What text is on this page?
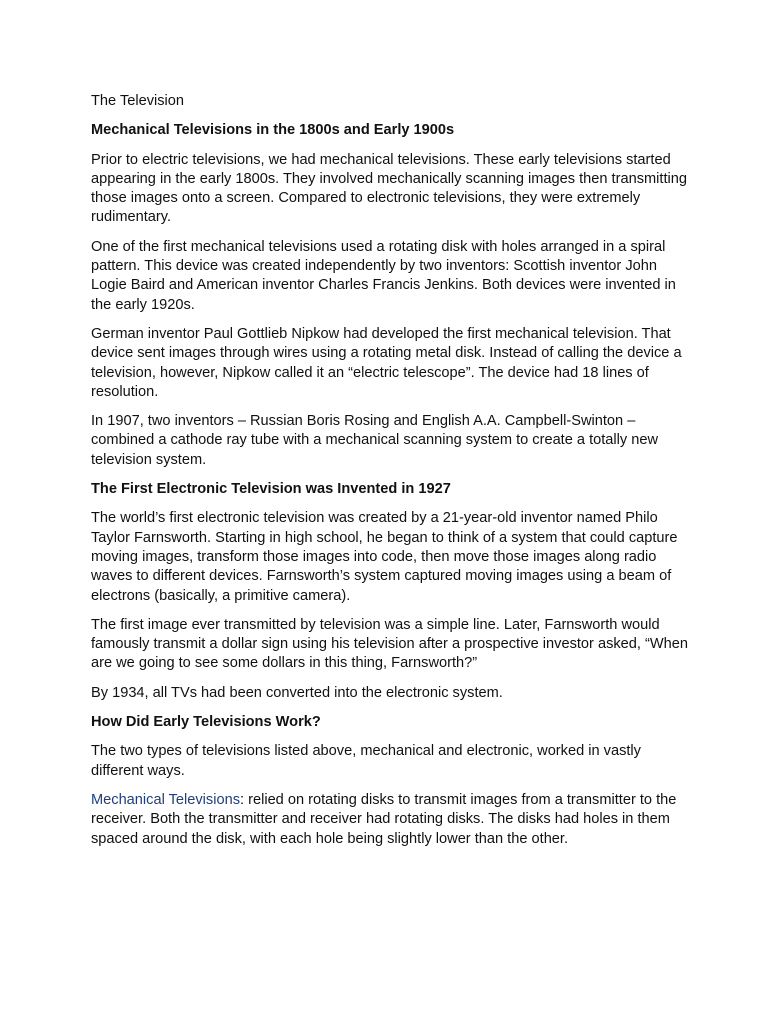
The Television

Mechanical Televisions in the 1800s and Early 1900s

Prior to electric televisions, we had mechanical televisions. These early televisions started appearing in the early 1800s. They involved mechanically scanning images then transmitting those images onto a screen. Compared to electronic televisions, they were extremely rudimentary.

One of the first mechanical televisions used a rotating disk with holes arranged in a spiral pattern. This device was created independently by two inventors: Scottish inventor John Logie Baird and American inventor Charles Francis Jenkins. Both devices were invented in the early 1920s.

German inventor Paul Gottlieb Nipkow had developed the first mechanical television. That device sent images through wires using a rotating metal disk. Instead of calling the device a television, however, Nipkow called it an “electric telescope”. The device had 18 lines of resolution.

In 1907, two inventors – Russian Boris Rosing and English A.A. Campbell-Swinton – combined a cathode ray tube with a mechanical scanning system to create a totally new television system.

The First Electronic Television was Invented in 1927

The world’s first electronic television was created by a 21-year-old inventor named Philo Taylor Farnsworth. Starting in high school, he began to think of a system that could capture moving images, transform those images into code, then move those images along radio waves to different devices. Farnsworth’s system captured moving images using a beam of electrons (basically, a primitive camera).

The first image ever transmitted by television was a simple line. Later, Farnsworth would famously transmit a dollar sign using his television after a prospective investor asked, “When are we going to see some dollars in this thing, Farnsworth?”

By 1934, all TVs had been converted into the electronic system.

How Did Early Televisions Work?

The two types of televisions listed above, mechanical and electronic, worked in vastly different ways.

Mechanical Televisions: relied on rotating disks to transmit images from a transmitter to the receiver. Both the transmitter and receiver had rotating disks. The disks had holes in them spaced around the disk, with each hole being slightly lower than the other.
